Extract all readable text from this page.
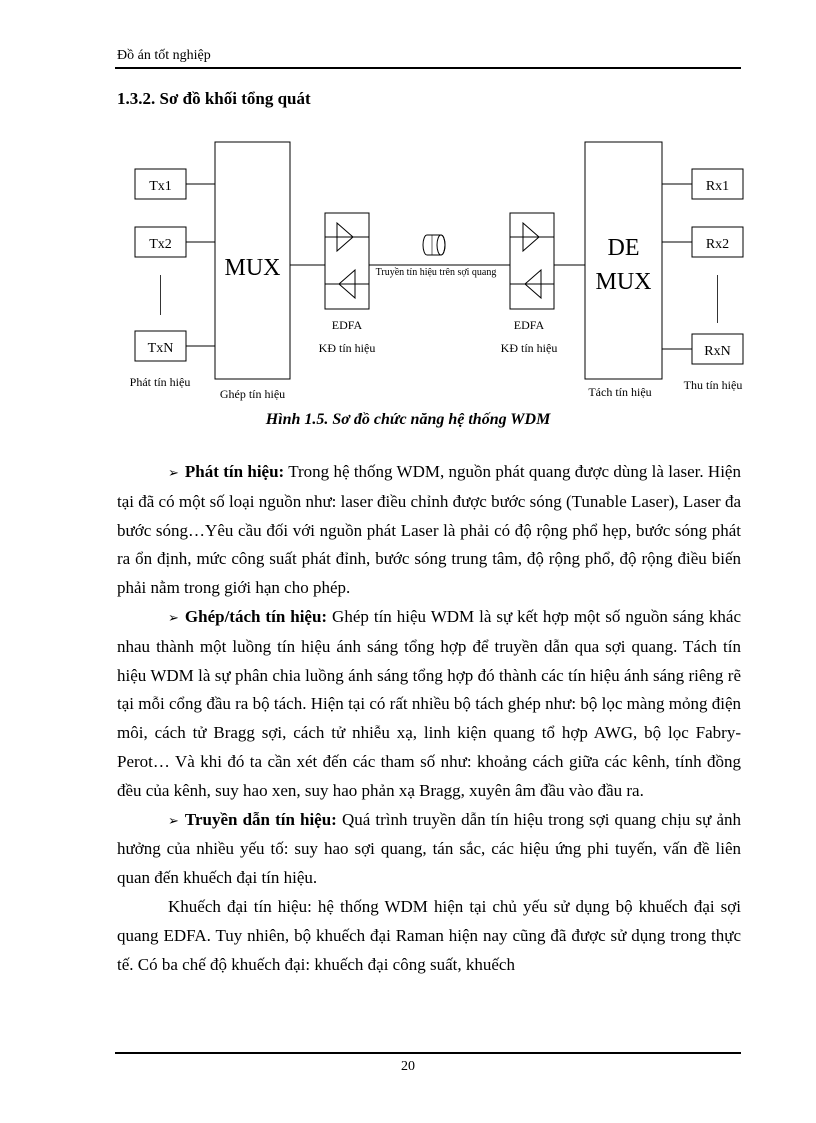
Đồ án tốt nghiệp
1.3.2. Sơ đồ khối tổng quát
Tx1
Tx2
TxN
MUX	Truyền tín hiệu trên sợi quang
EDFA
KĐ tín hiệu
EDFA
KĐ tín hiệu
DE
MUX
Rx1
Rx2
RxN
Phát tín hiệu
Ghép tín hiệu	Tách tín hiệu	Thu tín hiệu
Hình 1.5. Sơ đồ chức năng hệ thống WDM

➢ Phát tín hiệu: Trong hệ thống WDM, nguồn phát quang được dùng là laser. Hiện tại đã có một số loại nguồn như: laser điều chỉnh được bước sóng (Tunable Laser), Laser đa bước sóng…Yêu cầu đối với nguồn phát Laser là phải có độ rộng phổ hẹp, bước sóng phát ra ổn định, mức công suất phát đỉnh, bước sóng trung tâm, độ rộng phổ, độ rộng điều biến phải nằm trong giới hạn cho phép.

➢ Ghép/tách tín hiệu: Ghép tín hiệu WDM là sự kết hợp một số nguồn sáng khác nhau thành một luồng tín hiệu ánh sáng tổng hợp để truyền dẫn qua sợi quang. Tách tín hiệu WDM là sự phân chia luồng ánh sáng tổng hợp đó thành các tín hiệu ánh sáng riêng rẽ tại mỗi cổng đầu ra bộ tách. Hiện tại có rất nhiều bộ tách ghép như: bộ lọc màng mỏng điện môi, cách tử Bragg sợi, cách tử nhiễu xạ, linh kiện quang tổ hợp AWG, bộ lọc Fabry-Perot… Và khi đó ta cần xét đến các tham số như: khoảng cách giữa các kênh, tính đồng đều của kênh, suy hao xen, suy hao phản xạ Bragg, xuyên âm đầu vào đầu ra.

➢ Truyền dẫn tín hiệu: Quá trình truyền dẫn tín hiệu trong sợi quang chịu sự ảnh hưởng của nhiều yếu tố: suy hao sợi quang, tán sắc, các hiệu ứng phi tuyến, vấn đề liên quan đến khuếch đại tín hiệu.

Khuếch đại tín hiệu: hệ thống WDM hiện tại chủ yếu sử dụng bộ khuếch đại sợi quang EDFA. Tuy nhiên, bộ khuếch đại Raman hiện nay cũng đã được sử dụng trong thực tế. Có ba chế độ khuếch đại: khuếch đại công suất, khuếch

20
